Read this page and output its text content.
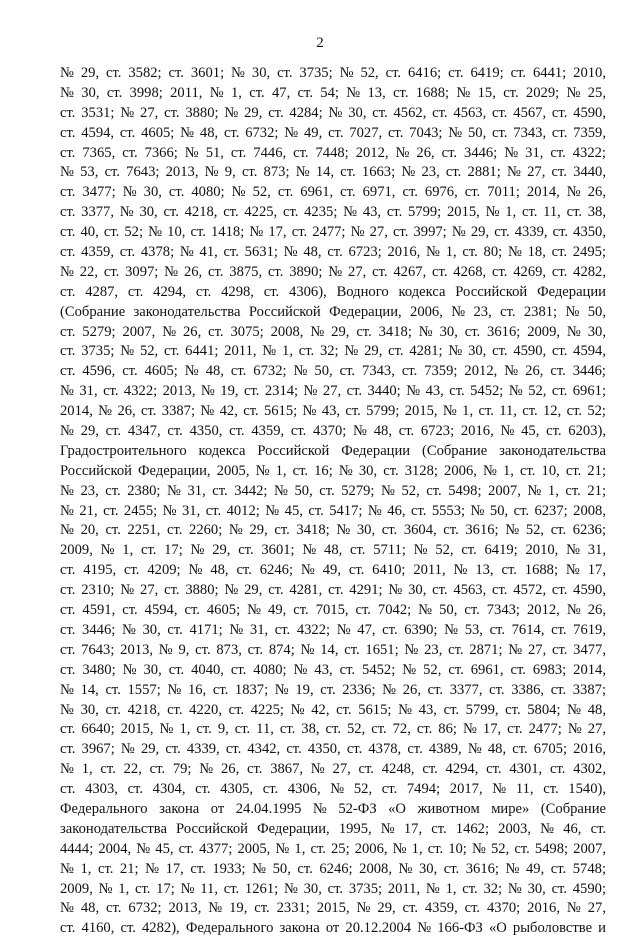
2
№ 29, ст. 3582; ст. 3601; № 30, ст. 3735; № 52, ст. 6416; ст. 6419; ст. 6441; 2010,
№ 30, ст. 3998; 2011, № 1, ст. 47, ст. 54; № 13, ст. 1688; № 15, ст. 2029; № 25,
ст. 3531; № 27, ст. 3880; № 29, ст. 4284; № 30, ст. 4562, ст. 4563, ст. 4567, ст. 4590,
ст. 4594, ст. 4605; № 48, ст. 6732; № 49, ст. 7027, ст. 7043; № 50, ст. 7343, ст. 7359,
ст. 7365, ст. 7366; № 51, ст. 7446, ст. 7448; 2012, № 26, ст. 3446; № 31, ст. 4322;
№ 53, ст. 7643; 2013, № 9, ст. 873; № 14, ст. 1663; № 23, ст. 2881; № 27, ст. 3440,
ст. 3477; № 30, ст. 4080; № 52, ст. 6961, ст. 6971, ст. 6976, ст. 7011; 2014, № 26,
ст. 3377, № 30, ст. 4218, ст. 4225, ст. 4235; № 43, ст. 5799; 2015, № 1, ст. 11, ст. 38,
ст. 40, ст. 52; № 10, ст. 1418; № 17, ст. 2477; № 27, ст. 3997; № 29, ст. 4339, ст. 4350,
ст. 4359, ст. 4378; № 41, ст. 5631; № 48, ст. 6723; 2016, № 1, ст. 80; № 18, ст. 2495;
№ 22, ст. 3097; № 26, ст. 3875, ст. 3890; № 27, ст. 4267, ст. 4268, ст. 4269, ст. 4282,
ст. 4287, ст. 4294, ст. 4298, ст. 4306), Водного кодекса Российской Федерации
(Собрание законодательства Российской Федерации, 2006, № 23, ст. 2381; № 50,
ст. 5279; 2007, № 26, ст. 3075; 2008, № 29, ст. 3418; № 30, ст. 3616; 2009, № 30,
ст. 3735; № 52, ст. 6441; 2011, № 1, ст. 32; № 29, ст. 4281; № 30, ст. 4590, ст. 4594,
ст. 4596, ст. 4605; № 48, ст. 6732; № 50, ст. 7343, ст. 7359; 2012, № 26, ст. 3446;
№ 31, ст. 4322; 2013, № 19, ст. 2314; № 27, ст. 3440; № 43, ст. 5452; № 52, ст. 6961;
2014, № 26, ст. 3387; № 42, ст. 5615; № 43, ст. 5799; 2015, № 1, ст. 11, ст. 12, ст. 52;
№ 29, ст. 4347, ст. 4350, ст. 4359, ст. 4370; № 48, ст. 6723; 2016, № 45, ст. 6203),
Градостроительного кодекса Российской Федерации (Собрание законодательства
Российской Федерации, 2005, № 1, ст. 16; № 30, ст. 3128; 2006, № 1, ст. 10, ст. 21;
№ 23, ст. 2380; № 31, ст. 3442; № 50, ст. 5279; № 52, ст. 5498; 2007, № 1, ст. 21;
№ 21, ст. 2455; № 31, ст. 4012; № 45, ст. 5417; № 46, ст. 5553; № 50, ст. 6237; 2008,
№ 20, ст. 2251, ст. 2260; № 29, ст. 3418; № 30, ст. 3604, ст. 3616; № 52, ст. 6236;
2009, № 1, ст. 17; № 29, ст. 3601; № 48, ст. 5711; № 52, ст. 6419; 2010, № 31,
ст. 4195, ст. 4209; № 48, ст. 6246; № 49, ст. 6410; 2011, № 13, ст. 1688; № 17,
ст. 2310; № 27, ст. 3880; № 29, ст. 4281, ст. 4291; № 30, ст. 4563, ст. 4572, ст. 4590,
ст. 4591, ст. 4594, ст. 4605; № 49, ст. 7015, ст. 7042; № 50, ст. 7343; 2012, № 26,
ст. 3446; № 30, ст. 4171; № 31, ст. 4322; № 47, ст. 6390; № 53, ст. 7614, ст. 7619,
ст. 7643; 2013, № 9, ст. 873, ст. 874; № 14, ст. 1651; № 23, ст. 2871; № 27, ст. 3477,
ст. 3480; № 30, ст. 4040, ст. 4080; № 43, ст. 5452; № 52, ст. 6961, ст. 6983; 2014,
№ 14, ст. 1557; № 16, ст. 1837; № 19, ст. 2336; № 26, ст. 3377, ст. 3386, ст. 3387;
№ 30, ст. 4218, ст. 4220, ст. 4225; № 42, ст. 5615; № 43, ст. 5799, ст. 5804; № 48,
ст. 6640; 2015, № 1, ст. 9, ст. 11, ст. 38, ст. 52, ст. 72, ст. 86; № 17, ст. 2477; № 27,
ст. 3967; № 29, ст. 4339, ст. 4342, ст. 4350, ст. 4378, ст. 4389, № 48, ст. 6705; 2016,
№ 1, ст. 22, ст. 79; № 26, ст. 3867, № 27, ст. 4248, ст. 4294, ст. 4301, ст. 4302,
ст. 4303, ст. 4304, ст. 4305, ст. 4306, № 52, ст. 7494; 2017, № 11, ст. 1540),
Федерального закона от 24.04.1995 № 52-ФЗ «О животном мире» (Собрание
законодательства Российской Федерации, 1995, № 17, ст. 1462; 2003, № 46, ст.
4444; 2004, № 45, ст. 4377; 2005, № 1, ст. 25; 2006, № 1, ст. 10; № 52, ст. 5498; 2007,
№ 1, ст. 21; № 17, ст. 1933; № 50, ст. 6246; 2008, № 30, ст. 3616; № 49, ст. 5748;
2009, № 1, ст. 17; № 11, ст. 1261; № 30, ст. 3735; 2011, № 1, ст. 32; № 30, ст. 4590;
№ 48, ст. 6732; 2013, № 19, ст. 2331; 2015, № 29, ст. 4359, ст. 4370; 2016, № 27,
ст. 4160, ст. 4282), Федерального закона от 20.12.2004 № 166-ФЗ «О рыболовстве и
